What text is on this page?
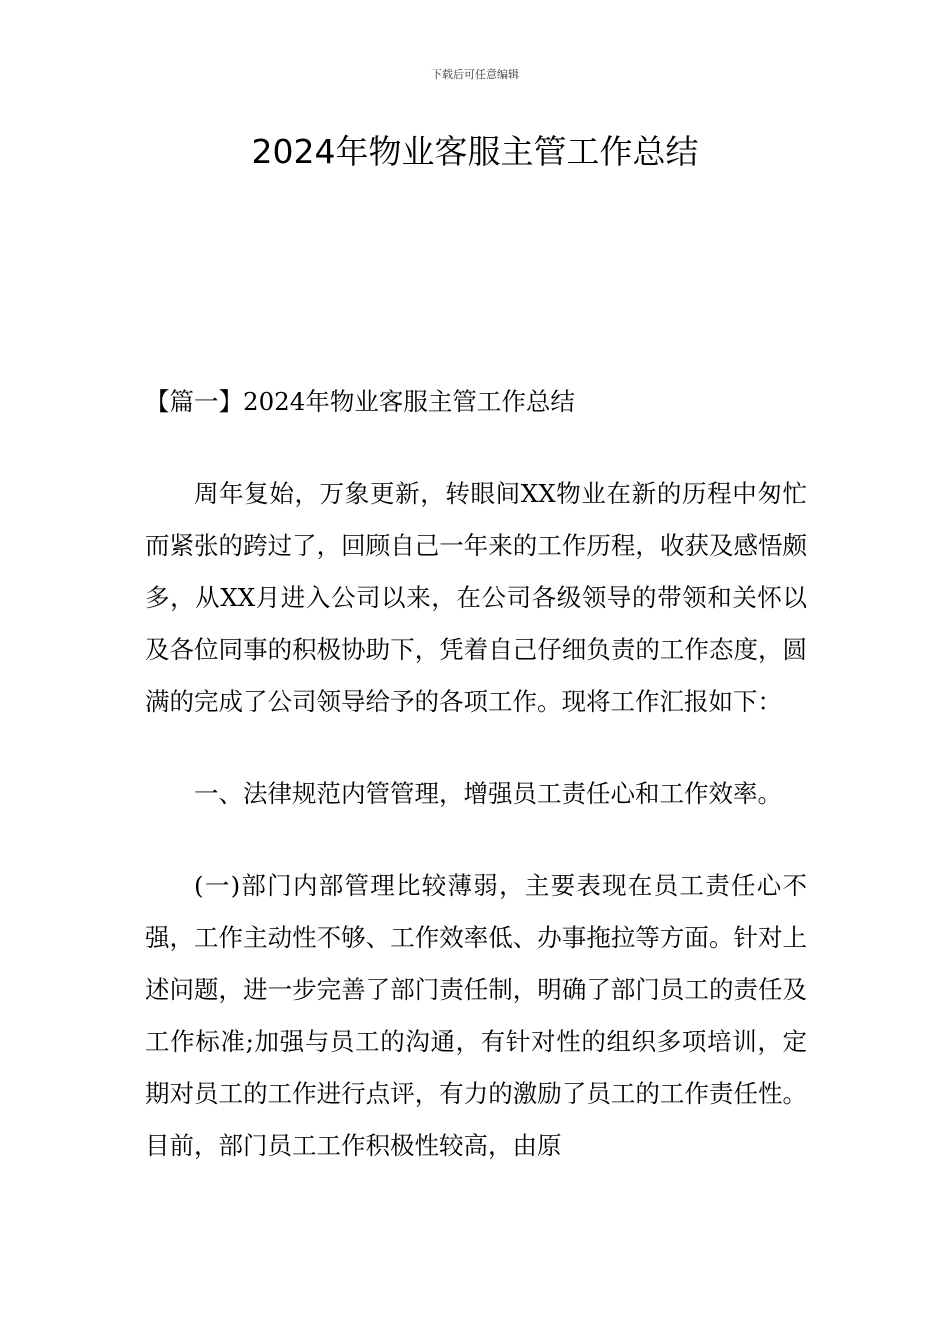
下载后可任意编辑
2024年物业客服主管工作总结
【篇一】2024年物业客服主管工作总结

周年复始，万象更新，转眼间XX物业在新的历程中匆忙而紧张的跨过了，回顾自己一年来的工作历程，收获及感悟颇多，从XX月进入公司以来，在公司各级领导的带领和关怀以及各位同事的积极协助下，凭着自己仔细负责的工作态度，圆满的完成了公司领导给予的各项工作。现将工作汇报如下：

一、法律规范内管管理，增强员工责任心和工作效率。

(一)部门内部管理比较薄弱，主要表现在员工责任心不强，工作主动性不够、工作效率低、办事拖拉等方面。针对上述问题，进一步完善了部门责任制，明确了部门员工的责任及工作标准;加强与员工的沟通，有针对性的组织多项培训，定期对员工的工作进行点评，有力的激励了员工的工作责任性。目前，部门员工工作积极性较高，由原
